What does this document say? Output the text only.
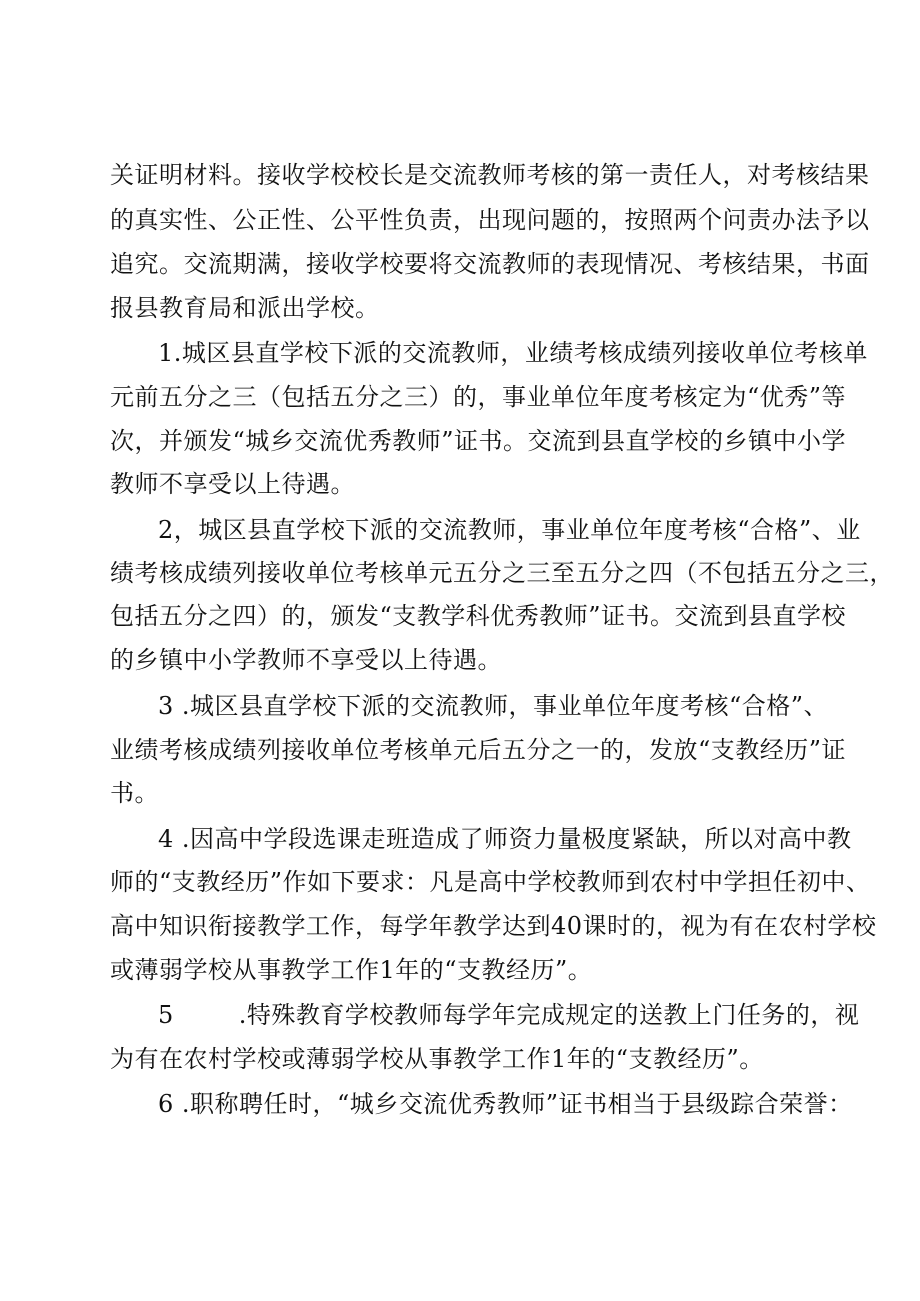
关证明材料。接收学校校长是交流教师考核的第一责任人，对考核结果

的真实性、公正性、公平性负责，出现问题的，按照两个问责办法予以

追究。交流期满，接收学校要将交流教师的表现情况、考核结果，书面

报县教育局和派出学校。

1.城区县直学校下派的交流教师，业绩考核成绩列接收单位考核单

元前五分之三（包括五分之三）的，事业单位年度考核定为“优秀”等

次，并颁发“城乡交流优秀教师”证书。交流到县直学校的乡镇中小学

教师不享受以上待遇。

2，城区县直学校下派的交流教师，事业单位年度考核“合格”、业

绩考核成绩列接收单位考核单元五分之三至五分之四（不包括五分之三，

包括五分之四）的，颁发“支教学科优秀教师”证书。交流到县直学校

的乡镇中小学教师不享受以上待遇。

3 .城区县直学校下派的交流教师，事业单位年度考核“合格”、

业绩考核成绩列接收单位考核单元后五分之一的，发放“支教经历”证

书。

4 .因高中学段选课走班造成了师资力量极度紧缺，所以对高中教

师的“支教经历”作如下要求：凡是高中学校教师到农村中学担任初中、

高中知识衔接教学工作，每学年教学达到40课时的，视为有在农村学校

或薄弱学校从事教学工作1年的“支教经历”。

5        .特殊教育学校教师每学年完成规定的送教上门任务的，视

为有在农村学校或薄弱学校从事教学工作1年的“支教经历”。

6 .职称聘任时，“城乡交流优秀教师”证书相当于县级踪合荣誉：
